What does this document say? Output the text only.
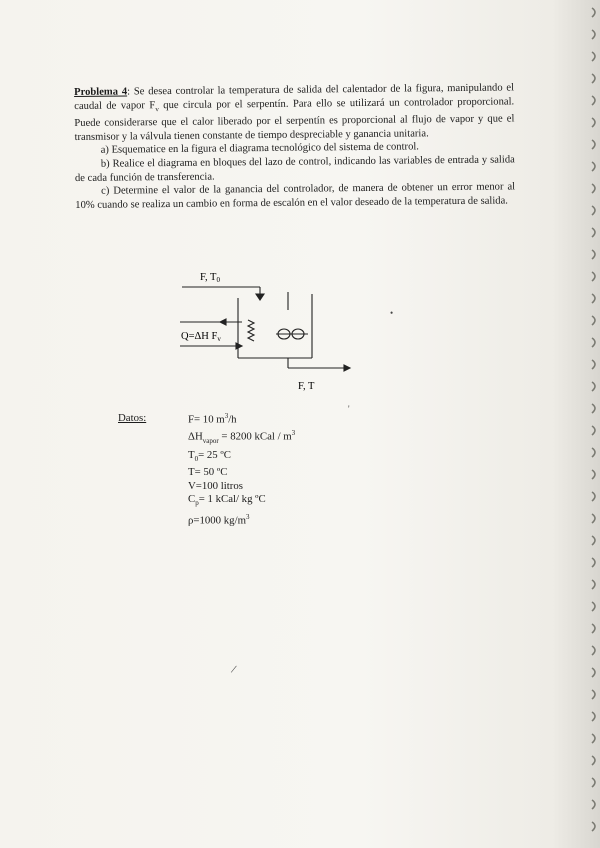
Problema 4: Se desea controlar la temperatura de salida del calentador de la figura, manipulando el caudal de vapor $F_v$ que circula por el serpentín. Para ello se utilizará un controlador proporcional. Puede considerarse que el calor liberado por el serpentín es proporcional al flujo de vapor y que el transmisor y la válvula tienen constante de tiempo despreciable y ganancia unitaria.

a) Esquematice en la figura el diagrama tecnológico del sistema de control.

b) Realice el diagrama en bloques del lazo de control, indicando las variables de entrada y salida de cada función de transferencia.

c) Determine el valor de la ganancia del controlador, de manera de obtener un error menor al 10% cuando se realiza un cambio en forma de escalón en el valor deseado de la temperatura de salida.

F, T0
Q=ΔH Fv
F, T
Datos:	F= 10 $m^3/h$
$\Delta H_{vapor} = 8200$ kCal / $m^3$
$T_0= 25$ ºC
T= 50 ºC
V=100 litros
$C_p= 1$ kCal/ kg ºC
ρ=1000 $kg/m^3$
/
'
•
